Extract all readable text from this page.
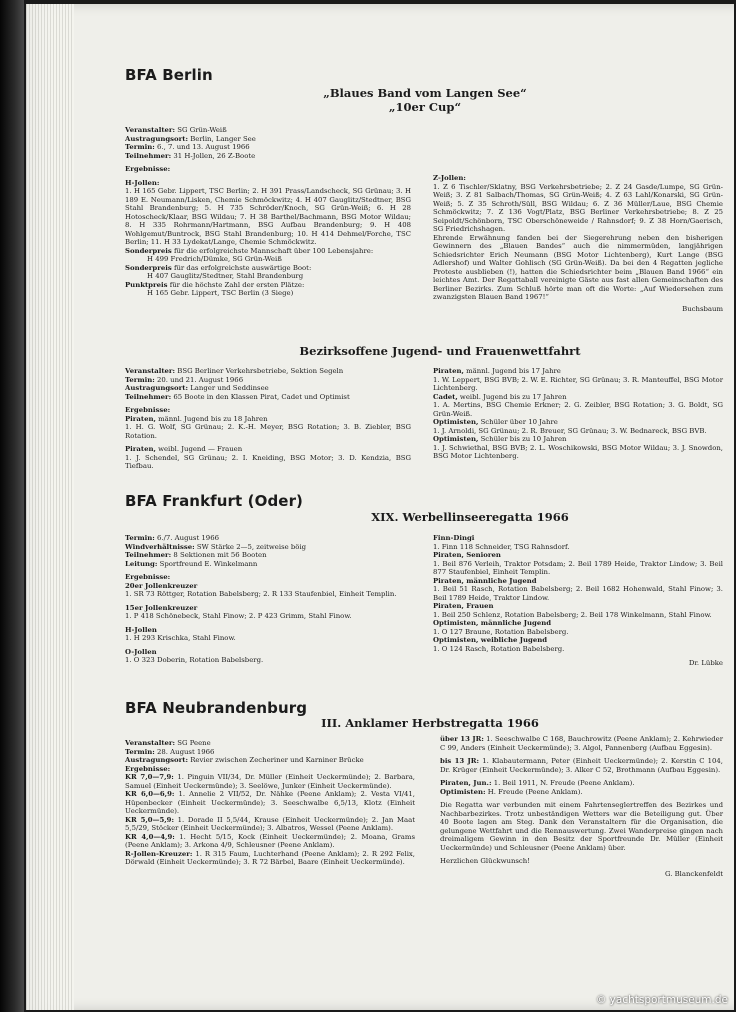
BFA Berlin
„Blaues Band vom Langen See“
„10er Cup“

Veranstalter: SG Grün-Weiß

Austragungsort: Berlin, Langer See

Termin: 6., 7. und 13. August 1966

Teilnehmer: 31 H-Jollen, 26 Z-Boote

Ergebnisse:

H-Jollen:

1. H 165 Gebr. Lippert, TSC Berlin; 2. H 391 Prass/Landscheck, SG Grünau; 3. H 189 E. Neumann/Lisken, Chemie Schmöckwitz; 4. H 407 Gauglitz/Stedtner, BSG Stahl Brandenburg; 5. H 735 Schröder/Knoch, SG Grün-Weiß; 6. H 28 Hotoscheck/Klaar, BSG Wildau; 7. H 38 Barthel/Bachmann, BSG Motor Wildau; 8. H 335 Rohrmann/Hartmann, BSG Aufbau Brandenburg; 9. H 408 Wohlgemut/Buntrock, BSG Stahl Brandenburg; 10. H 414 Dehmel/Forche, TSC Berlin; 11. H 33 Lydekat/Lange, Chemie Schmöckwitz.

Sonderpreis für die erfolgreichste Mannschaft über 100 Lebensjahre:

H 499 Fredrich/Dümke, SG Grün-Weiß

Sonderpreis für das erfolgreichste auswärtige Boot:

H 407 Gauglitz/Stedtner, Stahl Brandenburg

Punktpreis für die höchste Zahl der ersten Plätze:

H 165 Gebr. Lippert, TSC Berlin (3 Siege)

Z-Jollen:

1. Z 6 Tischler/Sklatny, BSG Verkehrsbetriebe; 2. Z 24 Gasde/Lumpe, SG Grün-Weiß; 3. Z 81 Salbach/Thomas, SG Grün-Weiß; 4. Z 63 Lahl/Konarski, SG Grün-Weiß; 5. Z 35 Schroth/Süll, BSG Wildau; 6. Z 36 Müller/Laue, BSG Chemie Schmöckwitz; 7. Z 136 Vogt/Platz, BSG Berliner Verkehrsbetriebe; 8. Z 25 Seipoldt/Schönborn, TSC Oberschöneweide / Rahnsdorf; 9. Z 38 Horn/Gaerisch, SG Friedrichshagen.

Ehrende Erwähnung fanden bei der Siegerehrung neben den bisherigen Gewinnern des „Blauen Bandes“ auch die nimmermüden, langjährigen Schiedsrichter Erich Neumann (BSG Motor Lichtenberg), Kurt Lange (BSG Adlershof) und Walter Gohlisch (SG Grün-Weiß). Da bei den 4 Regatten jegliche Proteste ausblieben (!), hatten die Schiedsrichter beim „Blauen Band 1966“ ein leichtes Amt. Der Regattaball vereinigte Gäste aus fast allen Gemeinschaften des Berliner Bezirks. Zum Schluß hörte man oft die Worte: „Auf Wiedersehen zum zwanzigsten Blauen Band 1967!“

Buchsbaum

Bezirksoffene Jugend- und Frauenwettfahrt

Veranstalter: BSG Berliner Verkehrsbetriebe, Sektion Segeln

Termin: 20. und 21. August 1966

Austragungsort: Langer und Seddinsee

Teilnehmer: 65 Boote in den Klassen Pirat, Cadet und Optimist

Ergebnisse:

Piraten, männl. Jugend bis zu 18 Jahren

1. H. G. Wolf, SG Grünau; 2. K.-H. Meyer, BSG Rotation; 3. B. Ziebler, BSG Rotation.

Piraten, weibl. Jugend — Frauen

1. J. Schendel, SG Grünau; 2. I. Kneiding, BSG Motor; 3. D. Kendzia, BSG Tiefbau.

Piraten, männl. Jugend bis 17 Jahre

1. W. Leppert, BSG BVB; 2. W. E. Richter, SG Grünau; 3. R. Manteuffel, BSG Motor Lichtenberg.

Cadet, weibl. Jugend bis zu 17 Jahren

1. A. Mertins, BSG Chemie Erkner; 2. G. Zeibler, BSG Rotation; 3. G. Boldt, SG Grün-Weiß.

Optimisten, Schüler über 10 Jahre

1. J. Arnoldi, SG Grünau; 2. R. Breuer, SG Grünau; 3. W. Bednareck, BSG BVB.

Optimisten, Schüler bis zu 10 Jahren

1. J. Schwiethal, BSG BVB; 2. L. Woschikowski, BSG Motor Wildau; 3. J. Snowdon, BSG Motor Lichtenberg.

BFA Frankfurt (Oder)
XIX. Werbellinseeregatta 1966

Termin: 6./7. August 1966

Windverhältnisse: SW Stärke 2—5, zeitweise böig

Teilnehmer: 8 Sektionen mit 56 Booten

Leitung: Sportfreund E. Winkelmann

Ergebnisse:

20er Jollenkreuzer

1. SR 73 Röttger, Rotation Babelsberg; 2. R 133 Staufenbiel, Einheit Templin.

15er Jollenkreuzer

1. P 418 Schönebeck, Stahl Finow; 2. P 423 Grimm, Stahl Finow.

H-Jollen

1. H 293 Krischka, Stahl Finow.

O-Jollen

1. O 323 Doberin, Rotation Babelsberg.

Finn-Dingi

1. Finn 118 Schneider, TSG Rahnsdorf.

Piraten, Senioren

1. Beil 876 Verleih, Traktor Potsdam; 2. Beil 1789 Heide, Traktor Lindow; 3. Beil 877 Staufenbiel, Einheit Templin.

Piraten, männliche Jugend

1. Beil 51 Rasch, Rotation Babelsberg; 2. Beil 1682 Hohenwald, Stahl Finow; 3. Beil 1789 Heide, Traktor Lindow.

Piraten, Frauen

1. Beil 250 Schlenz, Rotation Babelsberg; 2. Beil 178 Winkelmann, Stahl Finow.

Optimisten, männliche Jugend

1. O 127 Braune, Rotation Babelsberg.

Optimisten, weibliche Jugend

1. O 124 Rasch, Rotation Babelsberg.

Dr. Lübke

BFA Neubrandenburg
III. Anklamer Herbstregatta 1966

Veranstalter: SG Peene

Termin: 28. August 1966

Austragungsort: Revier zwischen Zecheriner und Karniner Brücke

Ergebnisse:

KR 7,0—7,9: 1. Pinguin VII/34, Dr. Müller (Einheit Ueckermünde); 2. Barbara, Samuel (Einheit Ueckermünde); 3. Seelöwe, Junker (Einheit Ueckermünde).

KR 6,0—6,9: 1. Annelie 2 VII/52, Dr. Nähke (Peene Anklam); 2. Vesta VI/41, Hüpenbecker (Einheit Ueckermünde); 3. Seeschwalbe 6,5/13, Klotz (Einheit Ueckermünde).

KR 5,0—5,9: 1. Dorade II 5,5/44, Krause (Einheit Ueckermünde); 2. Jan Maat 5,5/29, Stöcker (Einheit Ueckermünde); 3. Albatros, Wessel (Peene Anklam).

KR 4,0—4,9: 1. Hecht 5/15, Kock (Einheit Ueckermünde); 2. Moana, Grams (Peene Anklam); 3. Arkona 4/9, Schleusner (Peene Anklam).

R-Jollen-Kreuzer: 1. R 315 Faum, Luchterhand (Peene Anklam); 2. R 292 Felix, Dörwald (Einheit Ueckermünde); 3. R 72 Bärbel, Baare (Einheit Ueckermünde).

über 13 JR: 1. Seeschwalbe C 168, Bauchrowitz (Peene Anklam); 2. Kehrwieder C 99, Anders (Einheit Ueckermünde); 3. Algol, Pannenberg (Aufbau Eggesin).

bis 13 JR: 1. Klabautermann, Peter (Einheit Ueckermünde); 2. Kerstin C 104, Dr. Krüger (Einheit Ueckermünde); 3. Alker C 52, Brothmann (Aufbau Eggesin).

Piraten, Jun.: 1. Beil 1911, N. Freude (Peene Anklam).

Optimisten: H. Freude (Peene Anklam).

Die Regatta war verbunden mit einem Fahrtenseglertreffen des Bezirkes und Nachbarbezirkes. Trotz unbeständigen Wetters war die Beteiligung gut. Über 40 Boote lagen am Steg. Dank den Veranstaltern für die Organisation, die gelungene Wettfahrt und die Rennauswertung. Zwei Wanderpreise gingen nach dreimaligem Gewinn in den Besitz der Sportfreunde Dr. Müller (Einheit Ueckermünde) und Schleusner (Peene Anklam) über.

Herzlichen Glückwunsch!

G. Blanckenfeldt

© yachtsportmuseum.de
